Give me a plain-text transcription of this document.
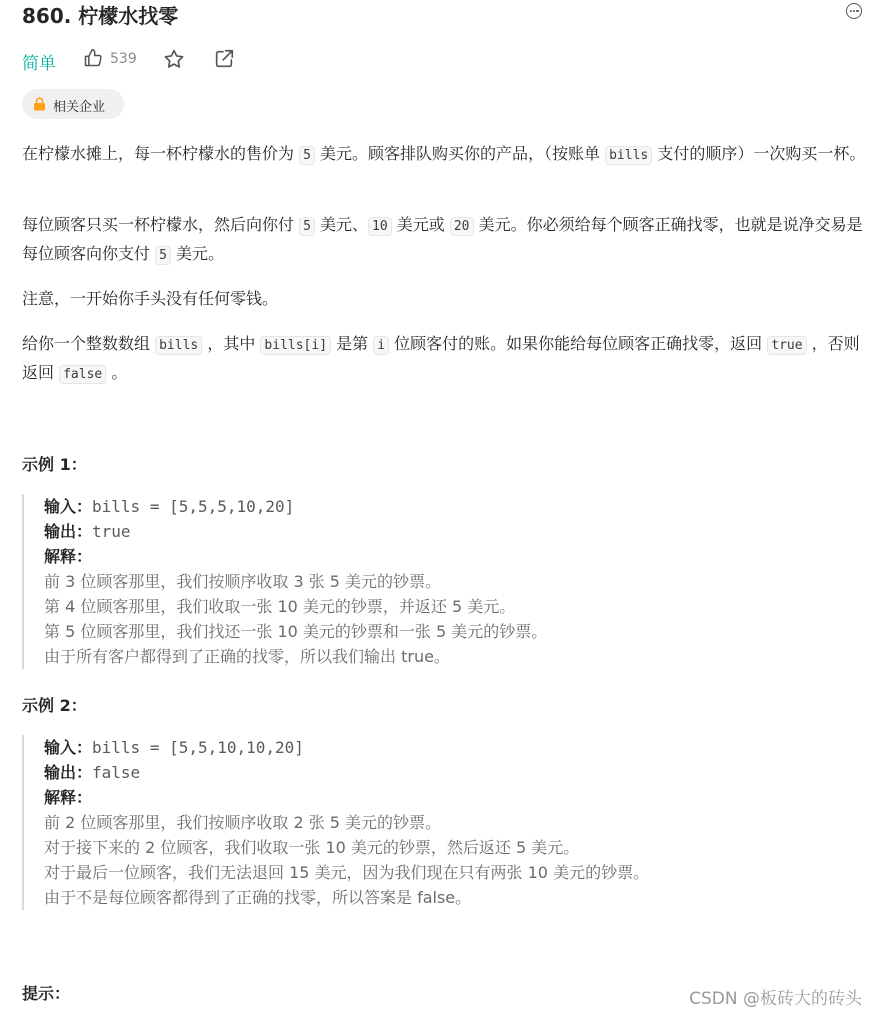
860. 柠檬水找零
简单	539
相关企业

在柠檬水摊上，每一杯柠檬水的售价为 5 美元。顾客排队购买你的产品，（按账单 bills 支付的顺序）一次购买一杯。

每位顾客只买一杯柠檬水，然后向你付 5 美元、 10 美元或 20 美元。你必须给每个顾客正确找零，也就是说净交易是每位顾客向你支付 5 美元。

注意，一开始你手头没有任何零钱。

给你一个整数数组 bills ，其中 bills[i] 是第 i 位顾客付的账。如果你能给每位顾客正确找零，返回 true ，否则返回 false 。

示例 1：
输入：bills = [5,5,5,10,20]
输出：true
解释：
前 3 位顾客那里，我们按顺序收取 3 张 5 美元的钞票。
第 4 位顾客那里，我们收取一张 10 美元的钞票，并返还 5 美元。
第 5 位顾客那里，我们找还一张 10 美元的钞票和一张 5 美元的钞票。
由于所有客户都得到了正确的找零，所以我们输出 true。
示例 2：
输入：bills = [5,5,10,10,20]
输出：false
解释：
前 2 位顾客那里，我们按顺序收取 2 张 5 美元的钞票。
对于接下来的 2 位顾客，我们收取一张 10 美元的钞票，然后返还 5 美元。
对于最后一位顾客，我们无法退回 15 美元，因为我们现在只有两张 10 美元的钞票。
由于不是每位顾客都得到了正确的找零，所以答案是 false。
提示：	CSDN @板砖大的砖头
